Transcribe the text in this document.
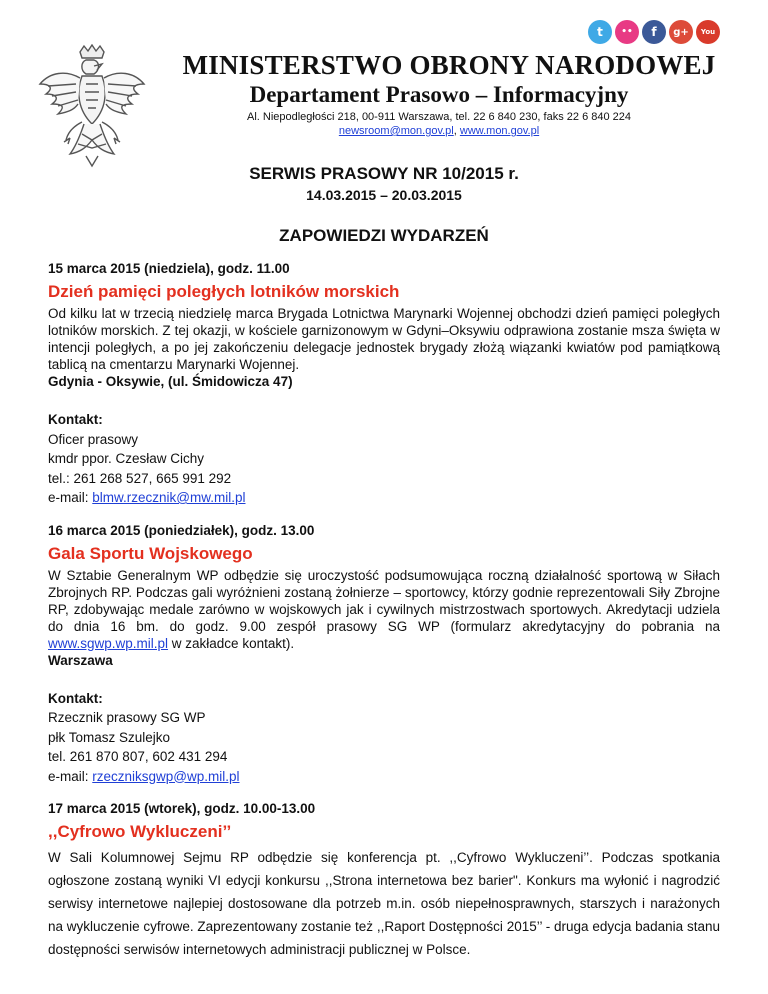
t	••	f	g+	You
MINISTERSTWO OBRONY NARODOWEJ
Departament Prasowo – Informacyjny
Al. Niepodległości 218, 00-911 Warszawa, tel. 22 6 840 230, faks 22 6 840 224
newsroom@mon.gov.pl, www.mon.gov.pl
SERWIS PRASOWY NR 10/2015 r.
14.03.2015 – 20.03.2015
ZAPOWIEDZI WYDARZEŃ

15 marca 2015 (niedziela), godz. 11.00

Dzień pamięci poległych lotników morskich

Od kilku lat w trzecią niedzielę marca Brygada Lotnictwa Marynarki Wojennej obchodzi dzień pamięci poległych lotników morskich. Z tej okazji, w kościele garnizonowym w Gdyni–Oksywiu odprawiona zostanie msza święta w intencji poległych, a po jej zakończeniu delegacje jednostek brygady złożą wiązanki kwiatów pod pamiątkową tablicą na cmentarzu Marynarki Wojennej.

Gdynia - Oksywie, (ul. Śmidowicza 47)

Kontakt:
Oficer prasowy
kmdr ppor. Czesław Cichy
tel.: 261 268 527, 665 991 292
e-mail: blmw.rzecznik@mw.mil.pl

16 marca 2015 (poniedziałek), godz. 13.00

Gala Sportu Wojskowego

W Sztabie Generalnym WP odbędzie się uroczystość podsumowująca roczną działalność sportową w Siłach Zbrojnych RP. Podczas gali wyróżnieni zostaną żołnierze – sportowcy, którzy godnie reprezentowali Siły Zbrojne RP, zdobywając medale zarówno w wojskowych jak i cywilnych mistrzostwach sportowych. Akredytacji udziela do dnia 16 bm. do godz. 9.00 zespół prasowy SG WP (formularz akredytacyjny do pobrania na www.sgwp.wp.mil.pl w zakładce kontakt).

Warszawa

Kontakt:
Rzecznik prasowy SG WP
płk Tomasz Szulejko
tel. 261 870 807, 602 431 294
e-mail: rzeczniksgwp@wp.mil.pl

17 marca 2015 (wtorek), godz. 10.00-13.00

,,Cyfrowo Wykluczeni’’

W Sali Kolumnowej Sejmu RP odbędzie się konferencja pt. ,,Cyfrowo Wykluczeni’’. Podczas spotkania ogłoszone zostaną wyniki VI edycji konkursu ,,Strona internetowa bez barier". Konkurs ma wyłonić i nagrodzić serwisy internetowe najlepiej dostosowane dla potrzeb m.in. osób niepełnosprawnych, starszych i narażonych na wykluczenie cyfrowe. Zaprezentowany zostanie też ,,Raport Dostępności 2015’’ - druga edycja badania stanu dostępności serwisów internetowych administracji publicznej w Polsce.
